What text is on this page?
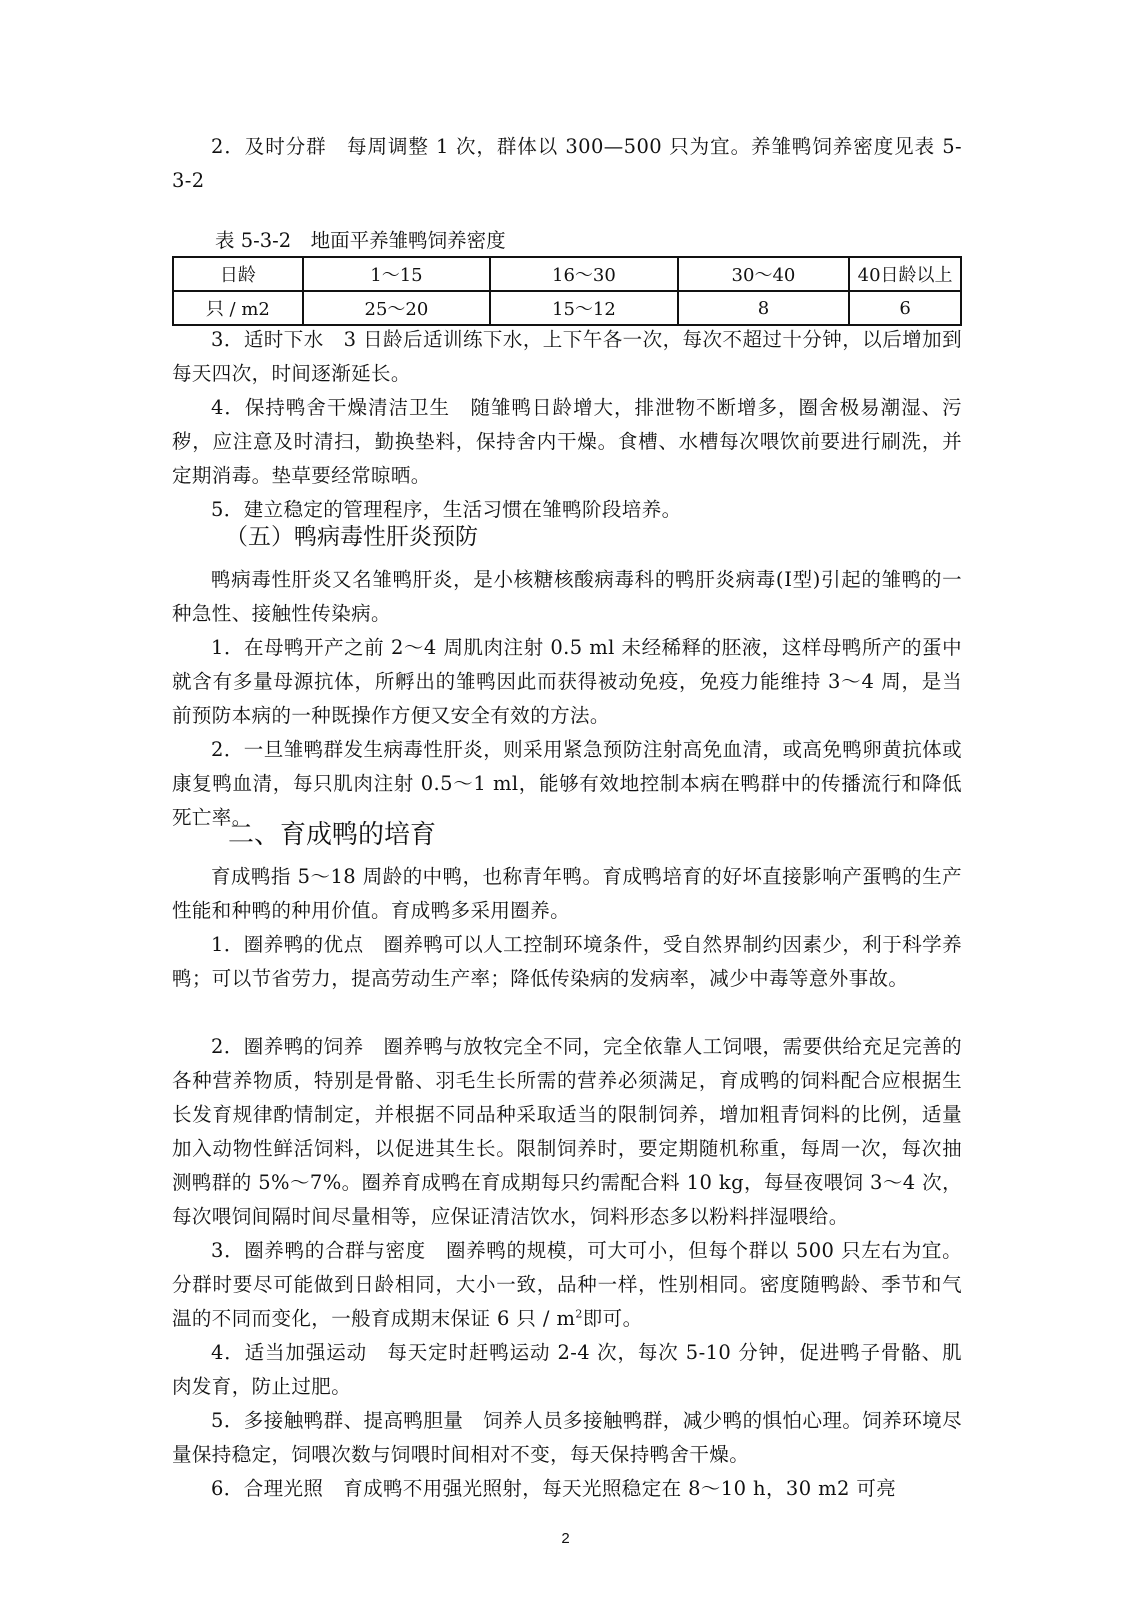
2．及时分群　每周调整 1 次，群体以 300—500 只为宜。养雏鸭饲养密度见表 5-3-2

表 5-3-2　地面平养雏鸭饲养密度

日龄	1～15	16～30	30～40	40日龄以上
只 / m2	25～20	15～12	8	6

3．适时下水　3 日龄后适训练下水，上下午各一次，每次不超过十分钟，以后增加到每天四次，时间逐渐延长。

4．保持鸭舍干燥清洁卫生　随雏鸭日龄增大，排泄物不断增多，圈舍极易潮湿、污秽，应注意及时清扫，勤换垫料，保持舍内干燥。食槽、水槽每次喂饮前要进行刷洗，并定期消毒。垫草要经常晾晒。

5．建立稳定的管理程序，生活习惯在雏鸭阶段培养。

（五）鸭病毒性肝炎预防

鸭病毒性肝炎又名雏鸭肝炎，是小核糖核酸病毒科的鸭肝炎病毒(Ⅰ型)引起的雏鸭的一种急性、接触性传染病。

1．在母鸭开产之前 2～4 周肌肉注射 0.5 ml 未经稀释的胚液，这样母鸭所产的蛋中就含有多量母源抗体，所孵出的雏鸭因此而获得被动免疫，免疫力能维持 3～4 周，是当前预防本病的一种既操作方便又安全有效的方法。

2．一旦雏鸭群发生病毒性肝炎，则采用紧急预防注射高免血清，或高免鸭卵黄抗体或康复鸭血清，每只肌肉注射 0.5～1 ml，能够有效地控制本病在鸭群中的传播流行和降低死亡率。

二、育成鸭的培育

育成鸭指 5～18 周龄的中鸭，也称青年鸭。育成鸭培育的好坏直接影响产蛋鸭的生产性能和种鸭的种用价值。育成鸭多采用圈养。

1．圈养鸭的优点　圈养鸭可以人工控制环境条件，受自然界制约因素少，利于科学养鸭；可以节省劳力，提高劳动生产率；降低传染病的发病率，减少中毒等意外事故。

2．圈养鸭的饲养　圈养鸭与放牧完全不同，完全依靠人工饲喂，需要供给充足完善的各种营养物质，特别是骨骼、羽毛生长所需的营养必须满足，育成鸭的饲料配合应根据生长发育规律酌情制定，并根据不同品种采取适当的限制饲养，增加粗青饲料的比例，适量加入动物性鲜活饲料，以促进其生长。限制饲养时，要定期随机称重，每周一次，每次抽测鸭群的 5%～7%。圈养育成鸭在育成期每只约需配合料 10 kg，每昼夜喂饲 3～4 次，每次喂饲间隔时间尽量相等，应保证清洁饮水，饲料形态多以粉料拌湿喂给。

3．圈养鸭的合群与密度　圈养鸭的规模，可大可小，但每个群以 500 只左右为宜。分群时要尽可能做到日龄相同，大小一致，品种一样，性别相同。密度随鸭龄、季节和气温的不同而变化，一般育成期末保证 6 只 / $m^2$即可。

4．适当加强运动　每天定时赶鸭运动 2-4 次，每次 5-10 分钟，促进鸭子骨骼、肌肉发育，防止过肥。

5．多接触鸭群、提高鸭胆量　饲养人员多接触鸭群，减少鸭的惧怕心理。饲养环境尽量保持稳定，饲喂次数与饲喂时间相对不变，每天保持鸭舍干燥。

6．合理光照　育成鸭不用强光照射，每天光照稳定在 8～10 h，30 m2 可亮

2
